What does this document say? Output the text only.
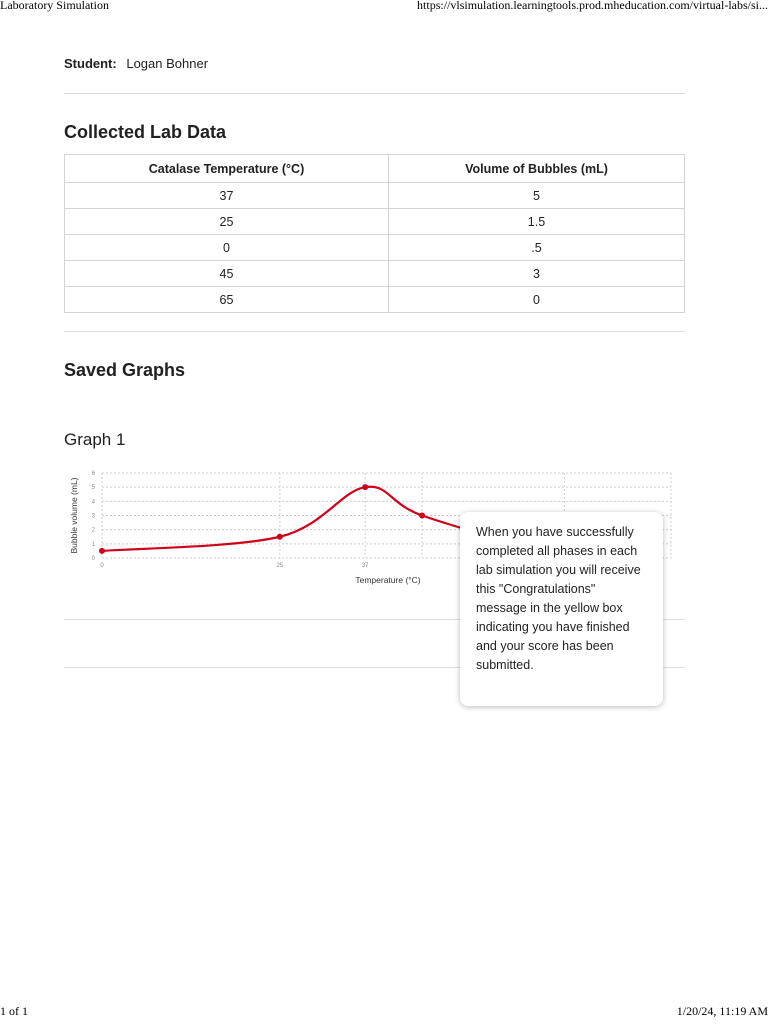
Laboratory Simulation	https://vlsimulation.learningtools.prod.mheducation.com/virtual-labs/si...
Student: Logan Bohner
Collected Lab Data
Catalase Temperature (°C)	Volume of Bubbles (mL)
37	5
25	1.5
0	.5
45	3
65	0
Saved Graphs
Graph 1
0
1
2
3
4
5
6
0	25	37
Temperature (°C)
Bubble volume (mL)	When you have successfully completed all phases in each lab simulation you will receive this "Congratulations" message in the yellow box indicating you have finished and your score has been submitted.
1 of 1	1/20/24, 11:19 AM
